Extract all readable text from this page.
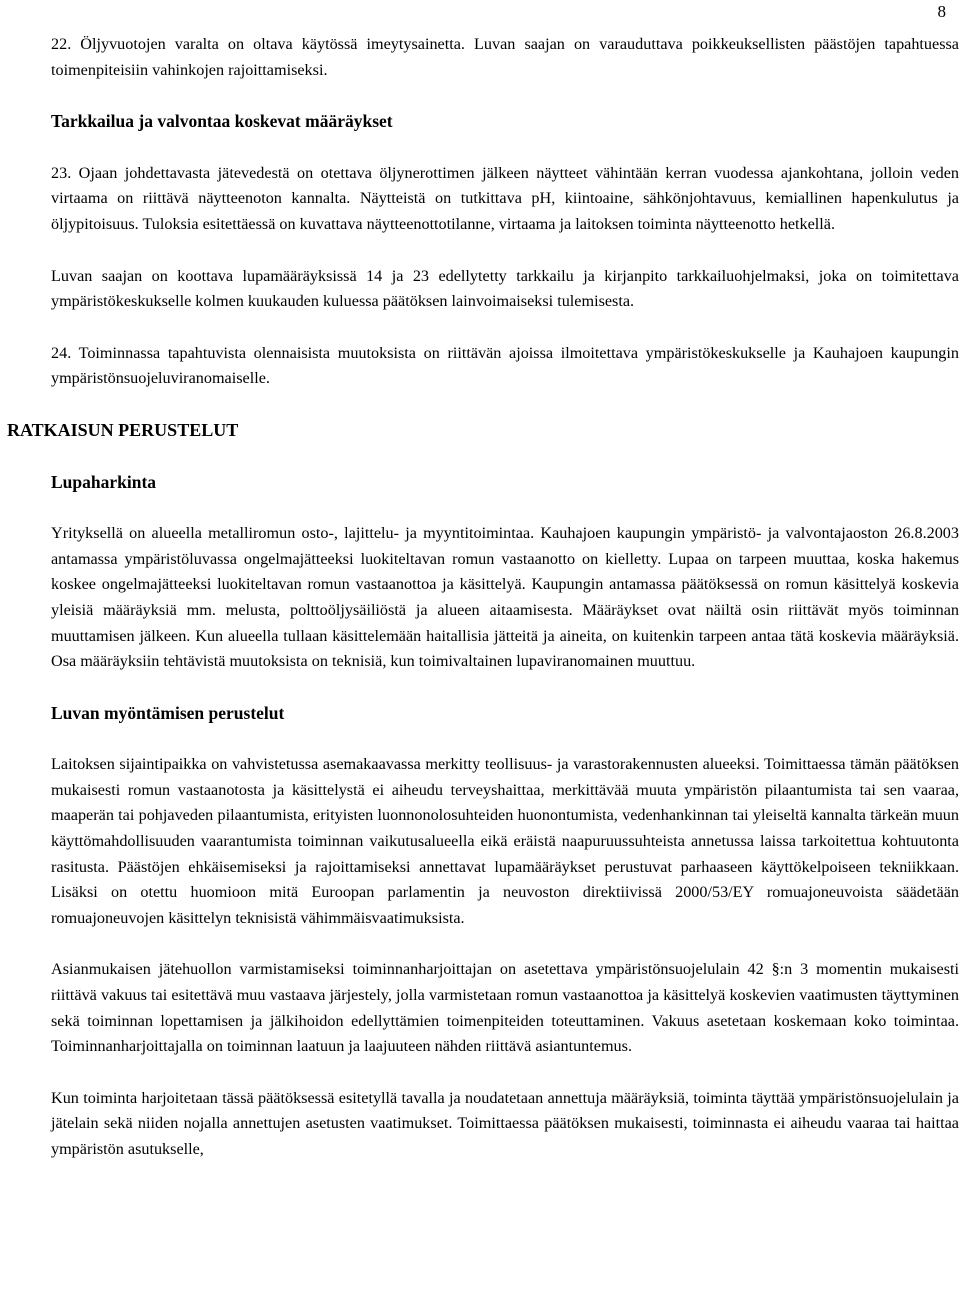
8

22. Öljyvuotojen varalta on oltava käytössä imeytysainetta. Luvan saajan on varauduttava poikkeuksellisten päästöjen tapahtuessa toimenpiteisiin vahinkojen rajoittamiseksi.

Tarkkailua ja valvontaa koskevat määräykset

23. Ojaan johdettavasta jätevedestä on otettava öljynerottimen jälkeen näytteet vähintään kerran vuodessa ajankohtana, jolloin veden virtaama on riittävä näytteenoton kannalta. Näytteistä on tutkittava pH, kiintoaine, sähkönjohtavuus, kemiallinen hapenkulutus ja öljypitoisuus. Tuloksia esitettäessä on kuvattava näytteenottotilanne, virtaama ja laitoksen toiminta näytteenotto hetkellä.

Luvan saajan on koottava lupamääräyksissä 14 ja 23 edellytetty tarkkailu ja kirjanpito tarkkailuohjelmaksi, joka on toimitettava ympäristökeskukselle kolmen kuukauden kuluessa päätöksen lainvoimaiseksi tulemisesta.

24. Toiminnassa tapahtuvista olennaisista muutoksista on riittävän ajoissa ilmoitettava ympäristökeskukselle ja Kauhajoen kaupungin ympäristönsuojeluviranomaiselle.

RATKAISUN PERUSTELUT
Lupaharkinta

Yrityksellä on alueella metalliromun osto-, lajittelu- ja myyntitoimintaa. Kauhajoen kaupungin ympäristö- ja valvontajaoston 26.8.2003 antamassa ympäristöluvassa ongelmajätteeksi luokiteltavan romun vastaanotto on kielletty. Lupaa on tarpeen muuttaa, koska hakemus koskee ongelmajätteeksi luokiteltavan romun vastaanottoa ja käsittelyä. Kaupungin antamassa päätöksessä on romun käsittelyä koskevia yleisiä määräyksiä mm. melusta, polttoöljysäiliöstä ja alueen aitaamisesta. Määräykset ovat näiltä osin riittävät myös toiminnan muuttamisen jälkeen. Kun alueella tullaan käsittelemään haitallisia jätteitä ja aineita, on kuitenkin tarpeen antaa tätä koskevia määräyksiä. Osa määräyksiin tehtävistä muutoksista on teknisiä, kun toimivaltainen lupaviranomainen muuttuu.

Luvan myöntämisen perustelut

Laitoksen sijaintipaikka on vahvistetussa asemakaavassa merkitty teollisuus- ja varastorakennusten alueeksi. Toimittaessa tämän päätöksen mukaisesti romun vastaanotosta ja käsittelystä ei aiheudu terveyshaittaa, merkittävää muuta ympäristön pilaantumista tai sen vaaraa, maaperän tai pohjaveden pilaantumista, erityisten luonnonolosuhteiden huonontumista, vedenhankinnan tai yleiseltä kannalta tärkeän muun käyttömahdollisuuden vaarantumista toiminnan vaikutusalueella eikä eräistä naapuruussuhteista annetussa laissa tarkoitettua kohtuutonta rasitusta. Päästöjen ehkäisemiseksi ja rajoittamiseksi annettavat lupamääräykset perustuvat parhaaseen käyttökelpoiseen tekniikkaan. Lisäksi on otettu huomioon mitä Euroopan parlamentin ja neuvoston direktiivissä 2000/53/EY romuajoneuvoista säädetään romuajoneuvojen käsittelyn teknisistä vähimmäisvaatimuksista.

Asianmukaisen jätehuollon varmistamiseksi toiminnanharjoittajan on asetettava ympäristönsuojelulain 42 §:n 3 momentin mukaisesti riittävä vakuus tai esitettävä muu vastaava järjestely, jolla varmistetaan romun vastaanottoa ja käsittelyä koskevien vaatimusten täyttyminen sekä toiminnan lopettamisen ja jälkihoidon edellyttämien toimenpiteiden toteuttaminen. Vakuus asetetaan koskemaan koko toimintaa. Toiminnanharjoittajalla on toiminnan laatuun ja laajuuteen nähden riittävä asiantuntemus.

Kun toiminta harjoitetaan tässä päätöksessä esitetyllä tavalla ja noudatetaan annettuja määräyksiä, toiminta täyttää ympäristönsuojelulain ja jätelain sekä niiden nojalla annettujen asetusten vaatimukset. Toimittaessa päätöksen mukaisesti, toiminnasta ei aiheudu vaaraa tai haittaa ympäristön asutukselle,
